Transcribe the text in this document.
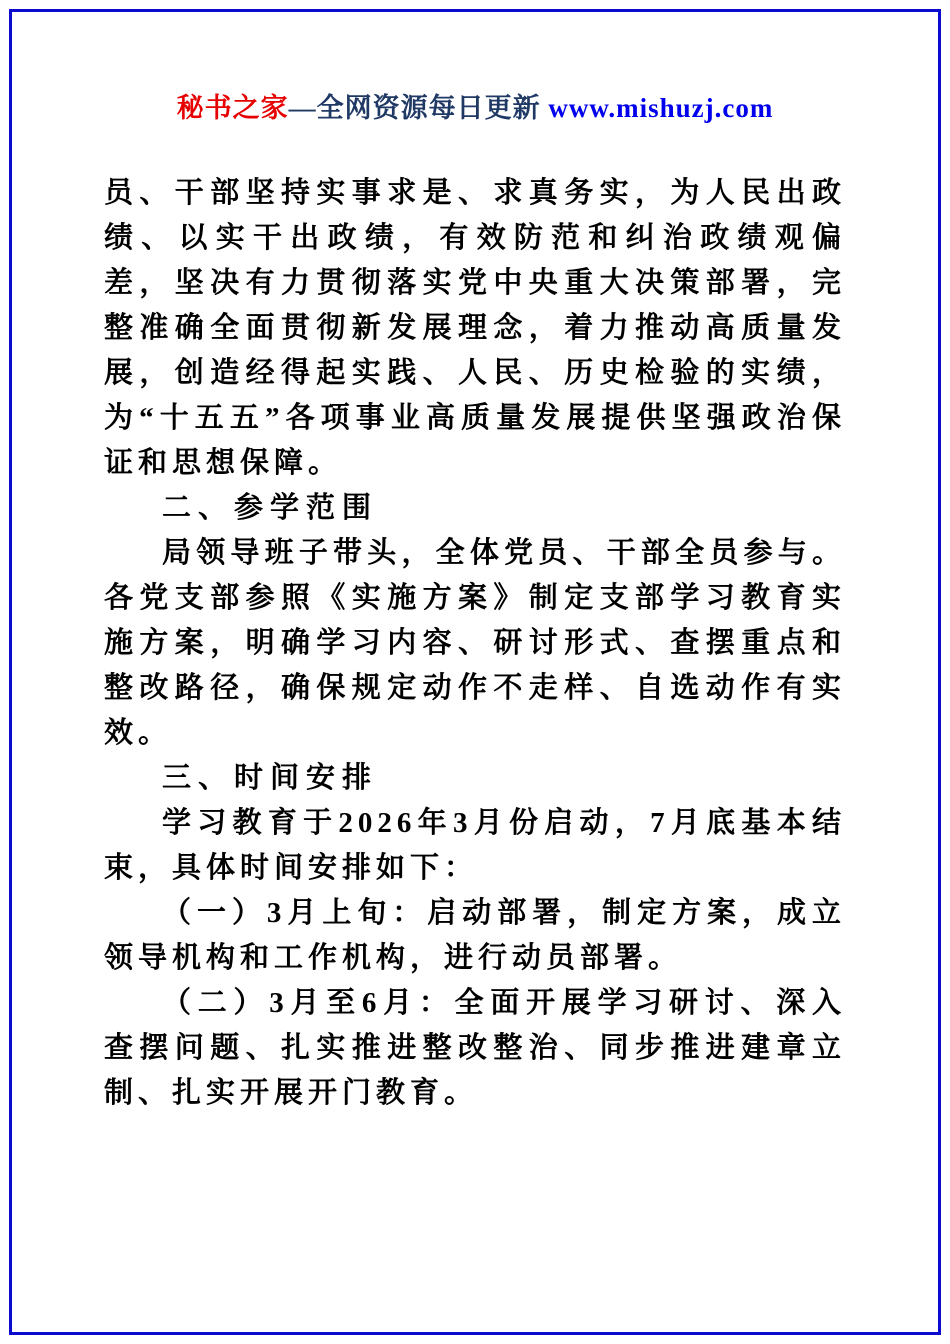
秘书之家—全网资源每日更新 www.mishuzj.com

员、干部坚持实事求是、求真务实，为人民出政绩、以实干出政绩，有效防范和纠治政绩观偏差，坚决有力贯彻落实党中央重大决策部署，完整准确全面贯彻新发展理念，着力推动高质量发展，创造经得起实践、人民、历史检验的实绩，为“十五五”各项事业高质量发展提供坚强政治保证和思想保障。

二、参学范围

局领导班子带头，全体党员、干部全员参与。各党支部参照《实施方案》制定支部学习教育实施方案，明确学习内容、研讨形式、查摆重点和整改路径，确保规定动作不走样、自选动作有实效。

三、时间安排

学习教育于2026年3月份启动，7月底基本结束，具体时间安排如下：

（一）3月上旬：启动部署，制定方案，成立领导机构和工作机构，进行动员部署。

（二）3月至6月：全面开展学习研讨、深入查摆问题、扎实推进整改整治、同步推进建章立制、扎实开展开门教育。
